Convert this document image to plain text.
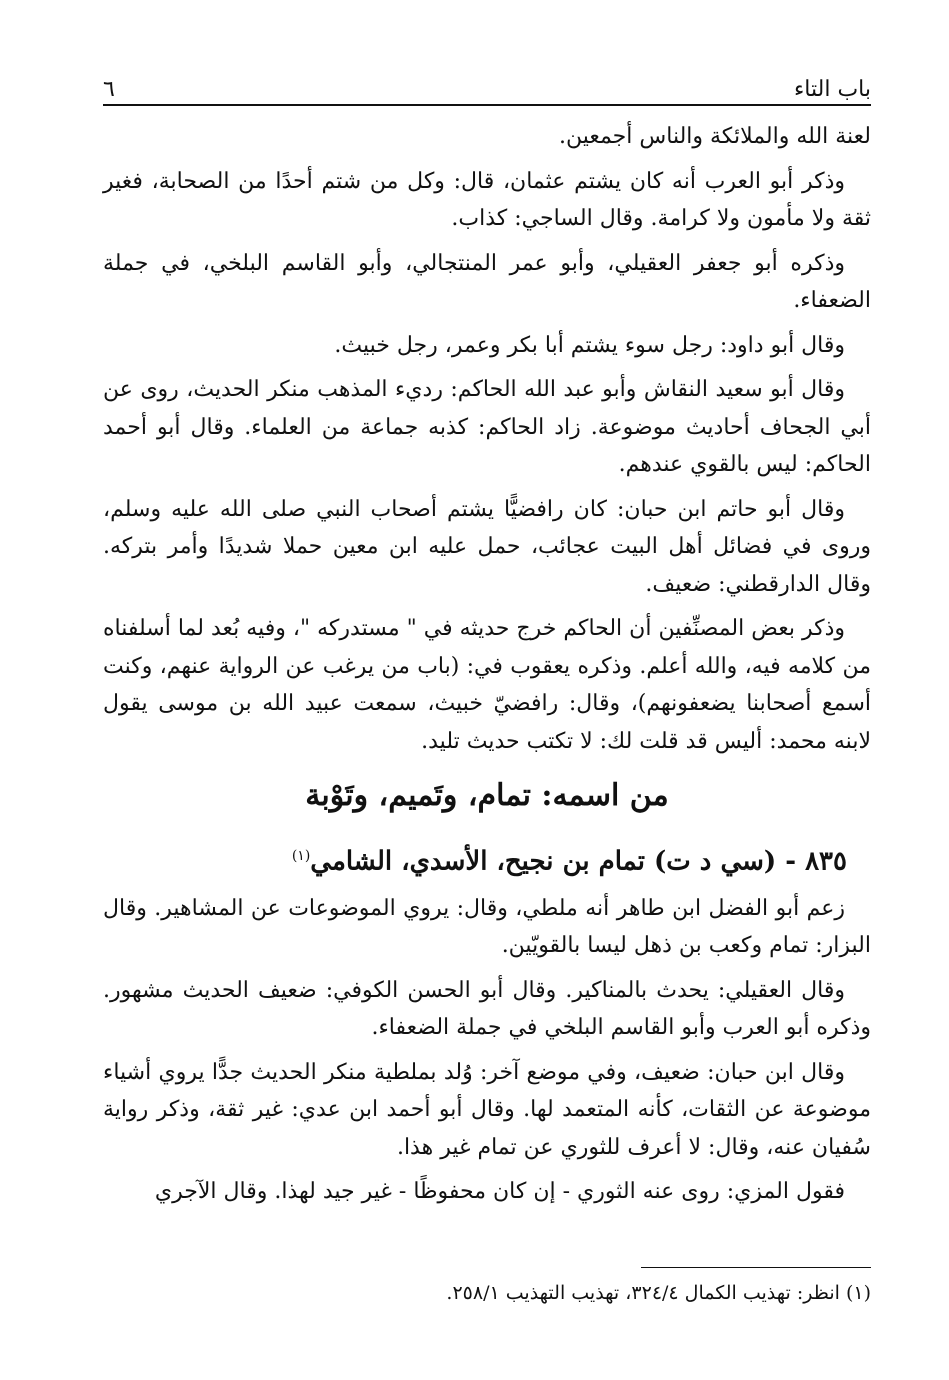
باب التاء
٦

لعنة الله والملائكة والناس أجمعين.

وذكر أبو العرب أنه كان يشتم عثمان، قال: وكل من شتم أحدًا من الصحابة، فغير ثقة ولا مأمون ولا كرامة. وقال الساجي: كذاب.

وذكره أبو جعفر العقيلي، وأبو عمر المنتجالي، وأبو القاسم البلخي، في جملة الضعفاء.

وقال أبو داود: رجل سوء يشتم أبا بكر وعمر، رجل خبيث.

وقال أبو سعيد النقاش وأبو عبد الله الحاكم: رديء المذهب منكر الحديث، روى عن أبي الجحاف أحاديث موضوعة. زاد الحاكم: كذبه جماعة من العلماء. وقال أبو أحمد الحاكم: ليس بالقوي عندهم.

وقال أبو حاتم ابن حبان: كان رافضيًّا يشتم أصحاب النبي صلى الله عليه وسلم، وروى في فضائل أهل البيت عجائب، حمل عليه ابن معين حملا شديدًا وأمر بتركه. وقال الدارقطني: ضعيف.

وذكر بعض المصنِّفين أن الحاكم خرج حديثه في " مستدركه "، وفيه بُعد لما أسلفناه من كلامه فيه، والله أعلم. وذكره يعقوب في: (باب من يرغب عن الرواية عنهم، وكنت أسمع أصحابنا يضعفونهم)، وقال: رافضيّ خبيث، سمعت عبيد الله بن موسى يقول لابنه محمد: أليس قد قلت لك: لا تكتب حديث تليد.

من اسمه: تمام، وتَميم، وتَوْبة
٨٣٥ - (سي د ت) تمام بن نجيح، الأسدي، الشامي$^{(١)}$

زعم أبو الفضل ابن طاهر أنه ملطي، وقال: يروي الموضوعات عن المشاهير. وقال البزار: تمام وكعب بن ذهل ليسا بالقويّين.

وقال العقيلي: يحدث بالمناكير. وقال أبو الحسن الكوفي: ضعيف الحديث مشهور. وذكره أبو العرب وأبو القاسم البلخي في جملة الضعفاء.

وقال ابن حبان: ضعيف، وفي موضع آخر: وُلد بملطية منكر الحديث جدًّا يروي أشياء موضوعة عن الثقات، كأنه المتعمد لها. وقال أبو أحمد ابن عدي: غير ثقة، وذكر رواية سُفيان عنه، وقال: لا أعرف للثوري عن تمام غير هذا.

فقول المزي: روى عنه الثوري - إن كان محفوظًا - غير جيد لهذا. وقال الآجري

(١) انظر: تهذيب الكمال ٣٢٤/٤، تهذيب التهذيب ٢٥٨/١.
